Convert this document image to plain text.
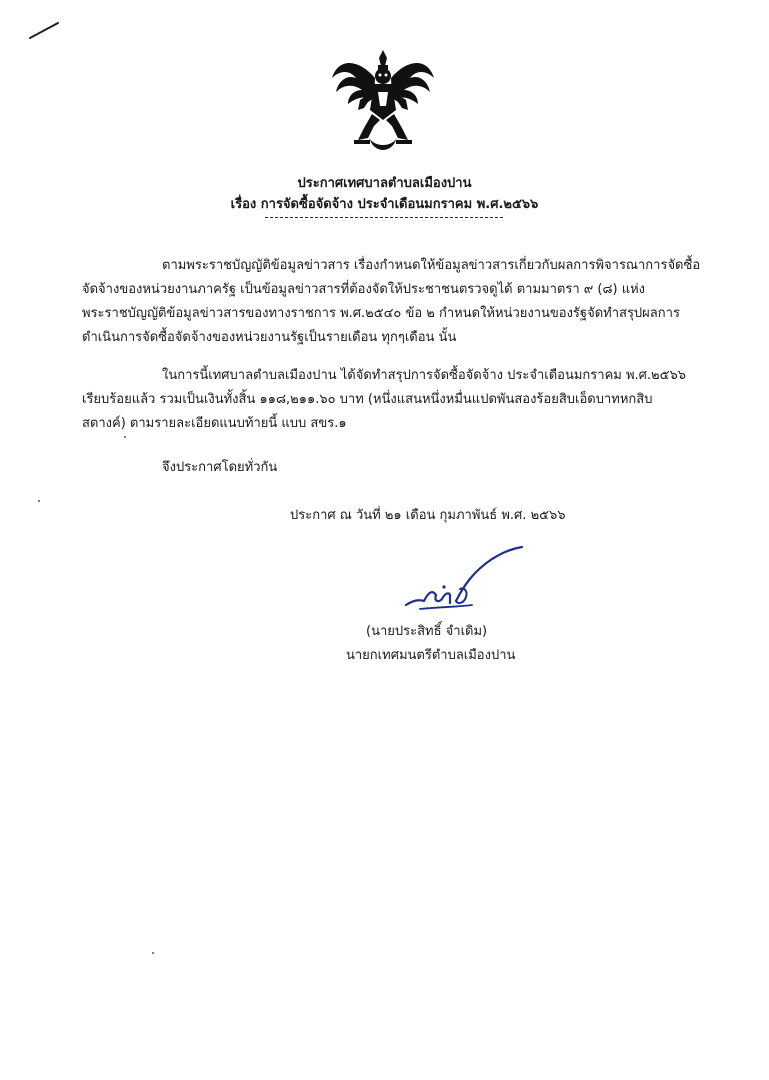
ประกาศเทศบาลตำบลเมืองปาน
เรื่อง การจัดซื้อจัดจ้าง ประจำเดือนมกราคม พ.ศ.๒๕๖๖
ตามพระราชบัญญัติข้อมูลข่าวสาร เรื่องกำหนดให้ข้อมูลข่าวสารเกี่ยวกับผลการพิจารณาการจัดซื้อ
จัดจ้างของหน่วยงานภาครัฐ เป็นข้อมูลข่าวสารที่ต้องจัดให้ประชาชนตรวจดูได้ ตามมาตรา ๙ (๘) แห่ง
พระราชบัญญัติข้อมูลข่าวสารของทางราชการ พ.ศ.๒๕๔๐ ข้อ ๒ กำหนดให้หน่วยงานของรัฐจัดทำสรุปผลการ
ดำเนินการจัดซื้อจัดจ้างของหน่วยงานรัฐเป็นรายเดือน ทุกๆเดือน นั้น
ในการนี้เทศบาลตำบลเมืองปาน ได้จัดทำสรุปการจัดซื้อจัดจ้าง ประจำเดือนมกราคม พ.ศ.๒๕๖๖
เรียบร้อยแล้ว รวมเป็นเงินทั้งสิ้น ๑๑๘,๒๑๑.๖๐ บาท (หนึ่งแสนหนึ่งหมื่นแปดพันสองร้อยสิบเอ็ดบาทหกสิบ
สตางค์) ตามรายละเอียดแนบท้ายนี้ แบบ สขร.๑
จึงประกาศโดยทั่วกัน
ประกาศ ณ วันที่ ๒๑ เดือน กุมภาพันธ์ พ.ศ. ๒๕๖๖
(นายประสิทธิ์ จำเดิม)
นายกเทศมนตรีตำบลเมืองปาน
